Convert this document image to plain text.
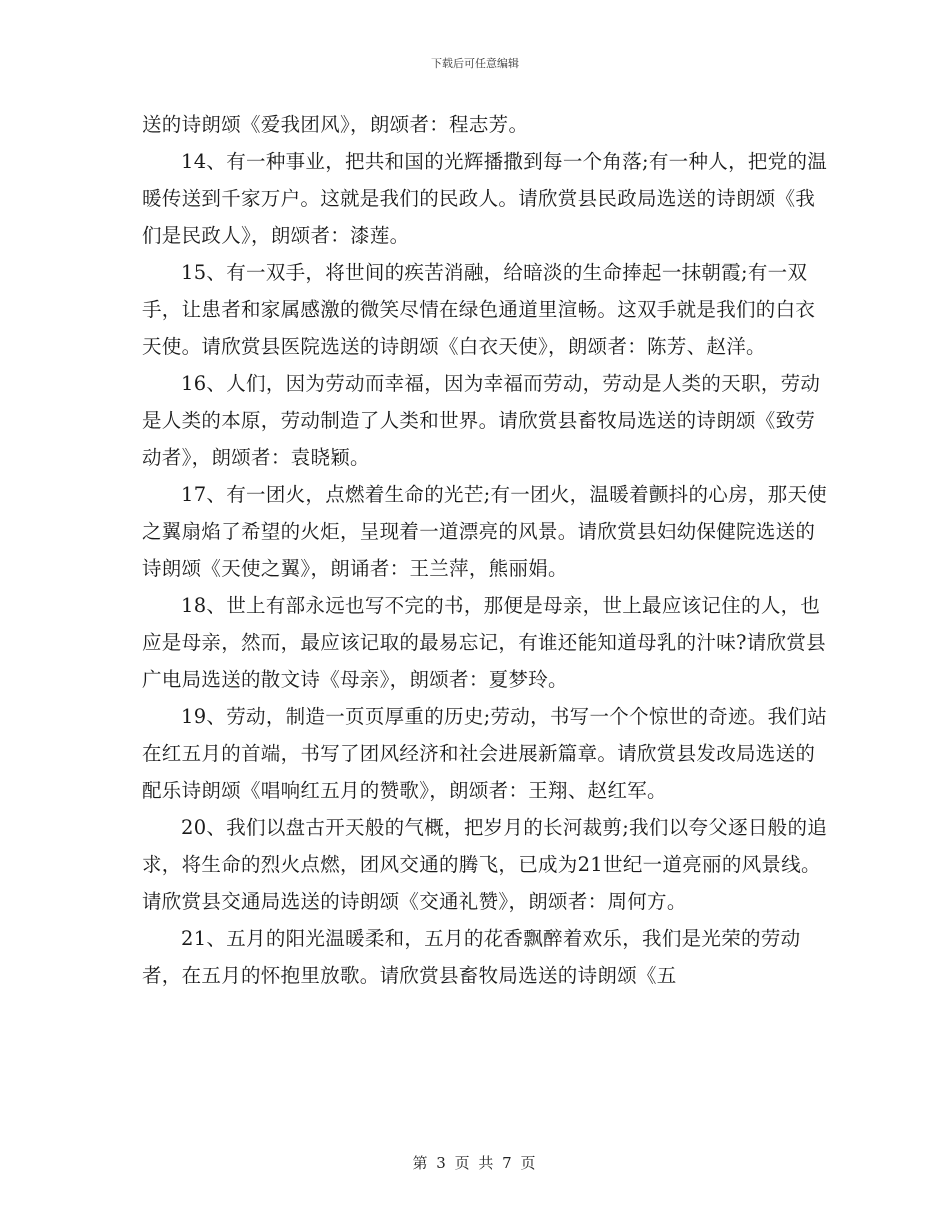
下载后可任意编辑

送的诗朗颂《爱我团风》，朗颂者：程志芳。

14、有一种事业，把共和国的光辉播撒到每一个角落;有一种人，把党的温暖传送到千家万户。这就是我们的民政人。请欣赏县民政局选送的诗朗颂《我们是民政人》，朗颂者：漆莲。

15、有一双手，将世间的疾苦消融，给暗淡的生命捧起一抹朝霞;有一双手，让患者和家属感激的微笑尽情在绿色通道里渲畅。这双手就是我们的白衣天使。请欣赏县医院选送的诗朗颂《白衣天使》，朗颂者：陈芳、赵洋。

16、人们，因为劳动而幸福，因为幸福而劳动，劳动是人类的天职，劳动是人类的本原，劳动制造了人类和世界。请欣赏县畜牧局选送的诗朗颂《致劳动者》，朗颂者：袁晓颖。

17、有一团火，点燃着生命的光芒;有一团火，温暖着颤抖的心房，那天使之翼扇焰了希望的火炬，呈现着一道漂亮的风景。请欣赏县妇幼保健院选送的诗朗颂《天使之翼》，朗诵者：王兰萍，熊丽娟。

18、世上有部永远也写不完的书，那便是母亲，世上最应该记住的人，也应是母亲，然而，最应该记取的最易忘记，有谁还能知道母乳的汁味?请欣赏县广电局选送的散文诗《母亲》，朗颂者：夏梦玲。

19、劳动，制造一页页厚重的历史;劳动，书写一个个惊世的奇迹。我们站在红五月的首端，书写了团风经济和社会进展新篇章。请欣赏县发改局选送的配乐诗朗颂《唱响红五月的赞歌》，朗颂者：王翔、赵红军。

20、我们以盘古开天般的气概，把岁月的长河裁剪;我们以夸父逐日般的追求，将生命的烈火点燃，团风交通的腾飞，已成为21世纪一道亮丽的风景线。请欣赏县交通局选送的诗朗颂《交通礼赞》，朗颂者：周何方。

21、五月的阳光温暖柔和，五月的花香飘醉着欢乐，我们是光荣的劳动者，在五月的怀抱里放歌。请欣赏县畜牧局选送的诗朗颂《五

第 3 页 共 7 页
